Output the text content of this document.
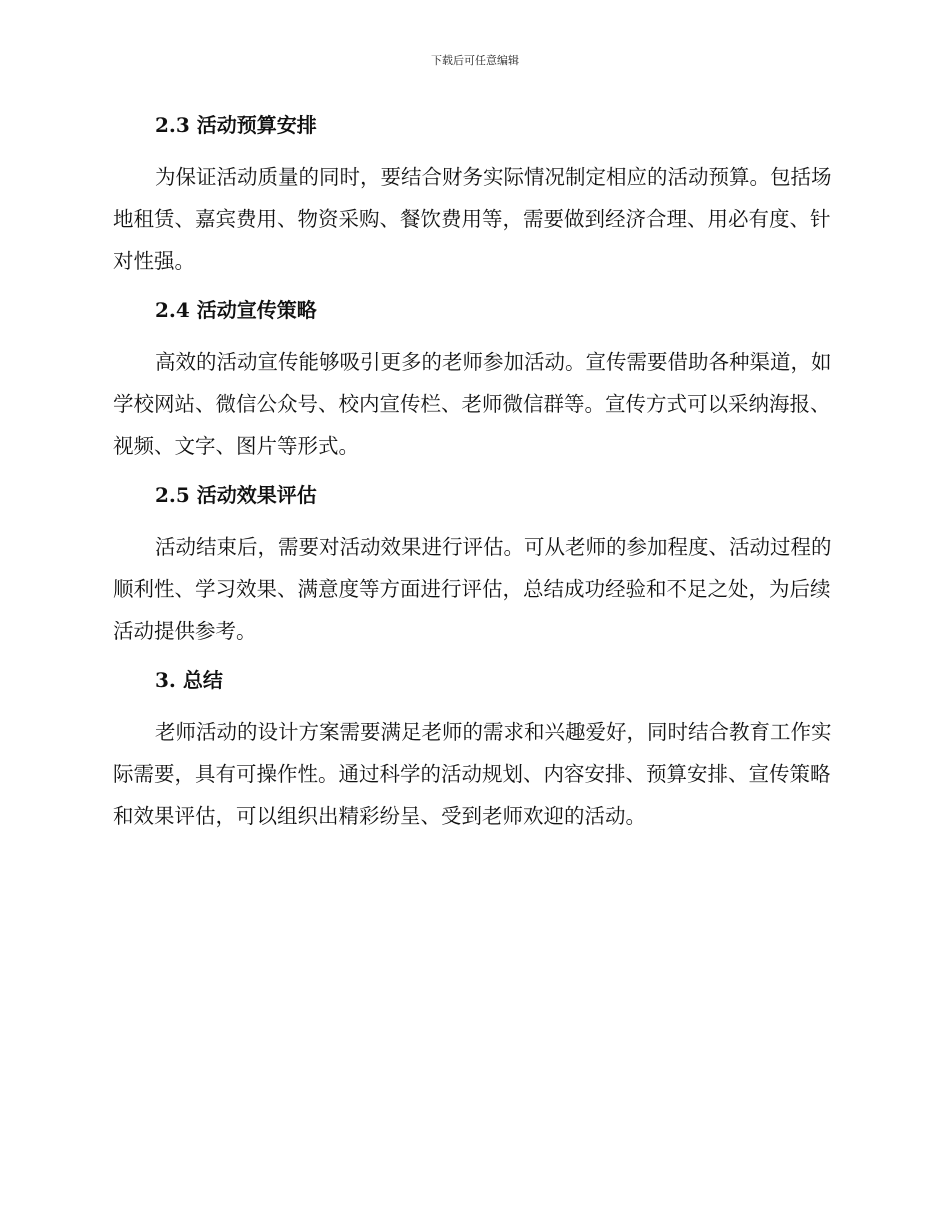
下载后可任意编辑
2.3 活动预算安排

为保证活动质量的同时，要结合财务实际情况制定相应的活动预算。包括场地租赁、嘉宾费用、物资采购、餐饮费用等，需要做到经济合理、用必有度、针对性强。

2.4 活动宣传策略

高效的活动宣传能够吸引更多的老师参加活动。宣传需要借助各种渠道，如学校网站、微信公众号、校内宣传栏、老师微信群等。宣传方式可以采纳海报、视频、文字、图片等形式。

2.5 活动效果评估

活动结束后，需要对活动效果进行评估。可从老师的参加程度、活动过程的顺利性、学习效果、满意度等方面进行评估，总结成功经验和不足之处，为后续活动提供参考。

3. 总结

老师活动的设计方案需要满足老师的需求和兴趣爱好，同时结合教育工作实际需要，具有可操作性。通过科学的活动规划、内容安排、预算安排、宣传策略和效果评估，可以组织出精彩纷呈、受到老师欢迎的活动。
